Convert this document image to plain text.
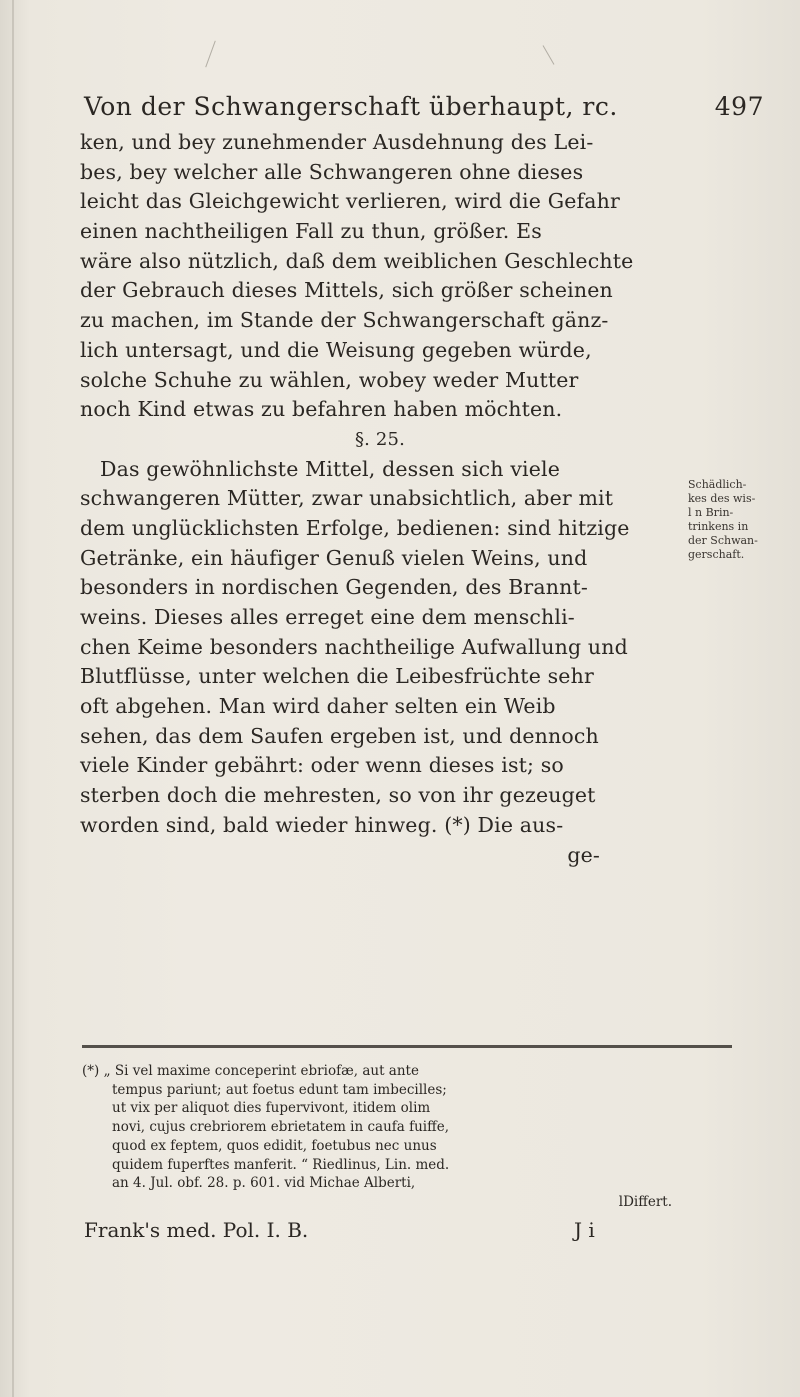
Von der Schwangerschaft überhaupt, rc.	497
ken, und bey zunehmender Ausdehnung des Lei-
bes, bey welcher alle Schwangeren ohne dieses
leicht das Gleichgewicht verlieren, wird die Gefahr
einen nachtheiligen Fall zu thun, größer. Es
wäre also nützlich, daß dem weiblichen Geschlechte
der Gebrauch dieses Mittels, sich größer scheinen
zu machen, im Stande der Schwangerschaft gänz-
lich untersagt, und die Weisung gegeben würde,
solche Schuhe zu wählen, wobey weder Mutter
noch Kind etwas zu befahren haben möchten.
§. 25.
Das gewöhnlichste Mittel, dessen sich viele
schwangeren Mütter, zwar unabsichtlich, aber mit
dem unglücklichsten Erfolge, bedienen: sind hitzige
Getränke, ein häufiger Genuß vielen Weins, und
besonders in nordischen Gegenden, des Brannt-
weins. Dieses alles erreget eine dem menschli-
chen Keime besonders nachtheilige Aufwallung und
Blutflüsse, unter welchen die Leibesfrüchte sehr
oft abgehen. Man wird daher selten ein Weib
sehen, das dem Saufen ergeben ist, und dennoch
viele Kinder gebährt: oder wenn dieses ist; so
sterben doch die mehresten, so von ihr gezeuget
worden sind, bald wieder hinweg. (*) Die aus-
ge-
Schädlich-
kes des wis-
l n Brin-
trinkens in
der Schwan-
gerschaft.
(*) „ Si vel maxime conceperint ebriofæ, aut ante
tempus pariunt; aut foetus edunt tam imbecilles;
ut vix per aliquot dies fupervivont, itidem olim
novi, cujus crebriorem ebrietatem in caufa fuiffe,
quod ex feptem, quos edidit, foetubus nec unus
quidem fuperftes manferit. “ Riedlinus, Lin. med.
an 4. Jul. obf. 28. p. 601. vid Michae Alberti,
lDiffert.
Frank's med. Pol. I. B.	J i
